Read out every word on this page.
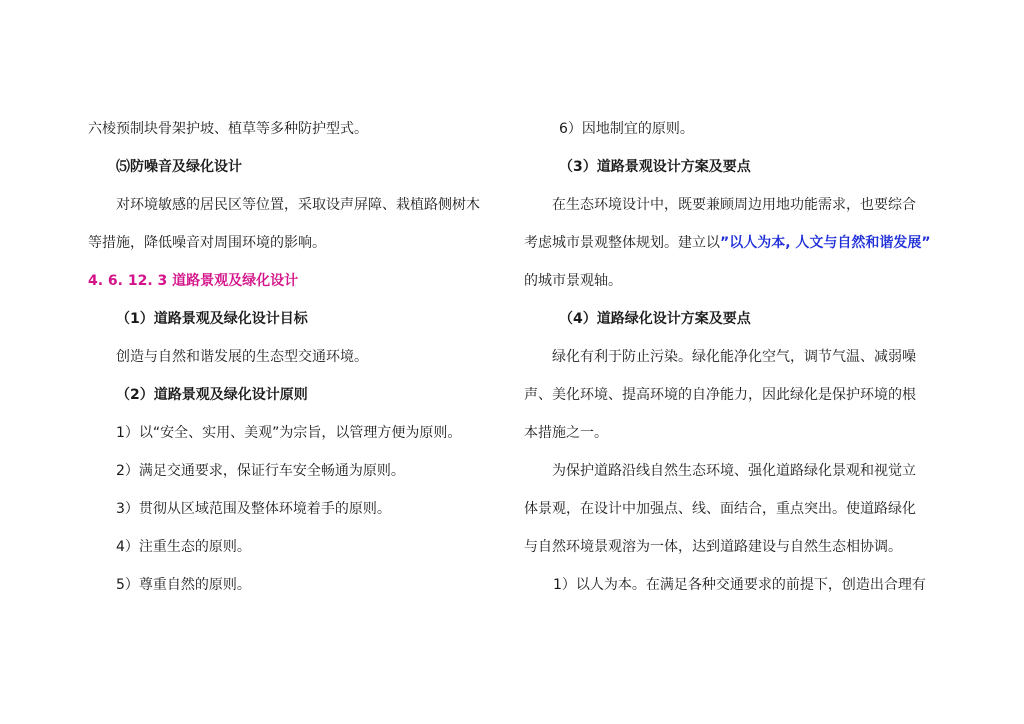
六棱预制块骨架护坡、植草等多种防护型式。
⑸防噪音及绿化设计
对环境敏感的居民区等位置，采取设声屏障、栽植路侧树木
等措施，降低噪音对周围环境的影响。
4. 6. 12. 3 道路景观及绿化设计
（1）道路景观及绿化设计目标
创造与自然和谐发展的生态型交通环境。
（2）道路景观及绿化设计原则
1）以“安全、实用、美观”为宗旨，以管理方便为原则。
2）满足交通要求，保证行车安全畅通为原则。
3）贯彻从区域范围及整体环境着手的原则。
4）注重生态的原则。
5）尊重自然的原则。
6）因地制宜的原则。
（3）道路景观设计方案及要点
在生态环境设计中，既要兼顾周边用地功能需求，也要综合
考虑城市景观整体规划。建立以”以人为本, 人文与自然和谐发展”
的城市景观轴。
（4）道路绿化设计方案及要点
绿化有利于防止污染。绿化能净化空气，调节气温、减弱噪
声、美化环境、提高环境的自净能力，因此绿化是保护环境的根
本措施之一。
为保护道路沿线自然生态环境、强化道路绿化景观和视觉立
体景观，在设计中加强点、线、面结合，重点突出。使道路绿化
与自然环境景观溶为一体，达到道路建设与自然生态相协调。
1）以人为本。在满足各种交通要求的前提下，创造出合理有
